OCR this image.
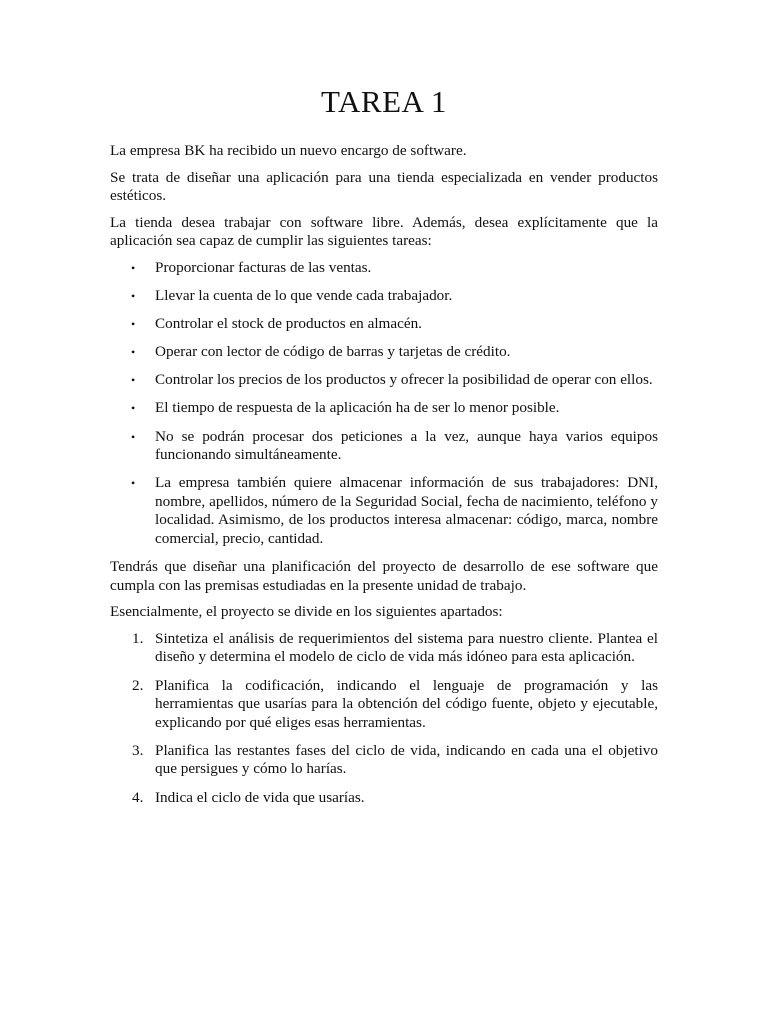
TAREA 1

La empresa BK ha recibido un nuevo encargo de software.

Se trata de diseñar una aplicación para una tienda especializada en vender productos estéticos.

La tienda desea trabajar con software libre. Además, desea explícitamente que la aplicación sea capaz de cumplir las siguientes tareas:

• Proporcionar facturas de las ventas.
• Llevar la cuenta de lo que vende cada trabajador.
• Controlar el stock de productos en almacén.
• Operar con lector de código de barras y tarjetas de crédito.
• Controlar los precios de los productos y ofrecer la posibilidad de operar con ellos.
• El tiempo de respuesta de la aplicación ha de ser lo menor posible.
• No se podrán procesar dos peticiones a la vez, aunque haya varios equipos funcionando simultáneamente.
• La empresa también quiere almacenar información de sus trabajadores: DNI, nombre, apellidos, número de la Seguridad Social, fecha de nacimiento, teléfono y localidad. Asimismo, de los productos interesa almacenar: código, marca, nombre comercial, precio, cantidad.

Tendrás que diseñar una planificación del proyecto de desarrollo de ese software que cumpla con las premisas estudiadas en la presente unidad de trabajo.

Esencialmente, el proyecto se divide en los siguientes apartados:

1. Sintetiza el análisis de requerimientos del sistema para nuestro cliente. Plantea el diseño y determina el modelo de ciclo de vida más idóneo para esta aplicación.
2. Planifica la codificación, indicando el lenguaje de programación y las herramientas que usarías para la obtención del código fuente, objeto y ejecutable, explicando por qué eliges esas herramientas.
3. Planifica las restantes fases del ciclo de vida, indicando en cada una el objetivo que persigues y cómo lo harías.
4. Indica el ciclo de vida que usarías.
